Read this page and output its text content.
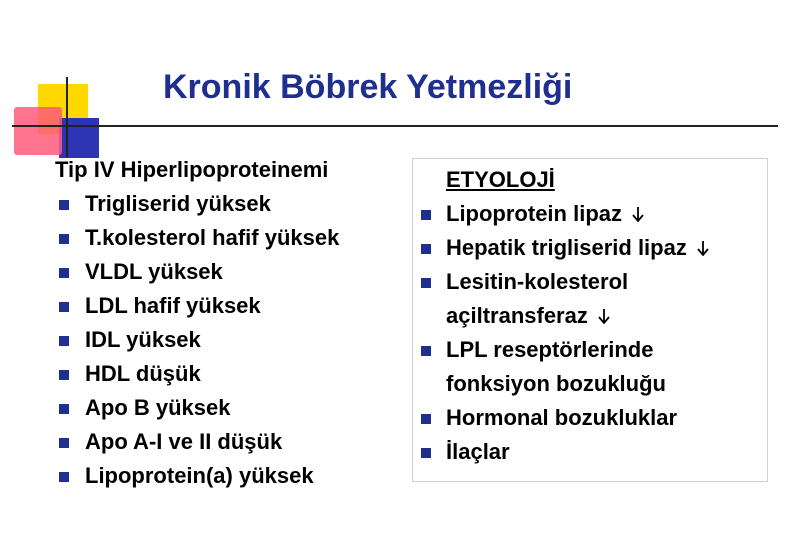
Kronik Böbrek Yetmezliği
Tip IV Hiperlipoproteinemi
Trigliserid yüksek
T.kolesterol hafif yüksek
VLDL yüksek
LDL hafif yüksek
IDL yüksek
HDL düşük
Apo B yüksek
Apo A-I ve II düşük
Lipoprotein(a) yüksek
ETYOLOJİ
Lipoprotein lipaz
Hepatik trigliserid lipaz
Lesitin-kolesterol
açiltransferaz
LPL reseptörlerinde
fonksiyon bozukluğu
Hormonal bozukluklar
İlaçlar
